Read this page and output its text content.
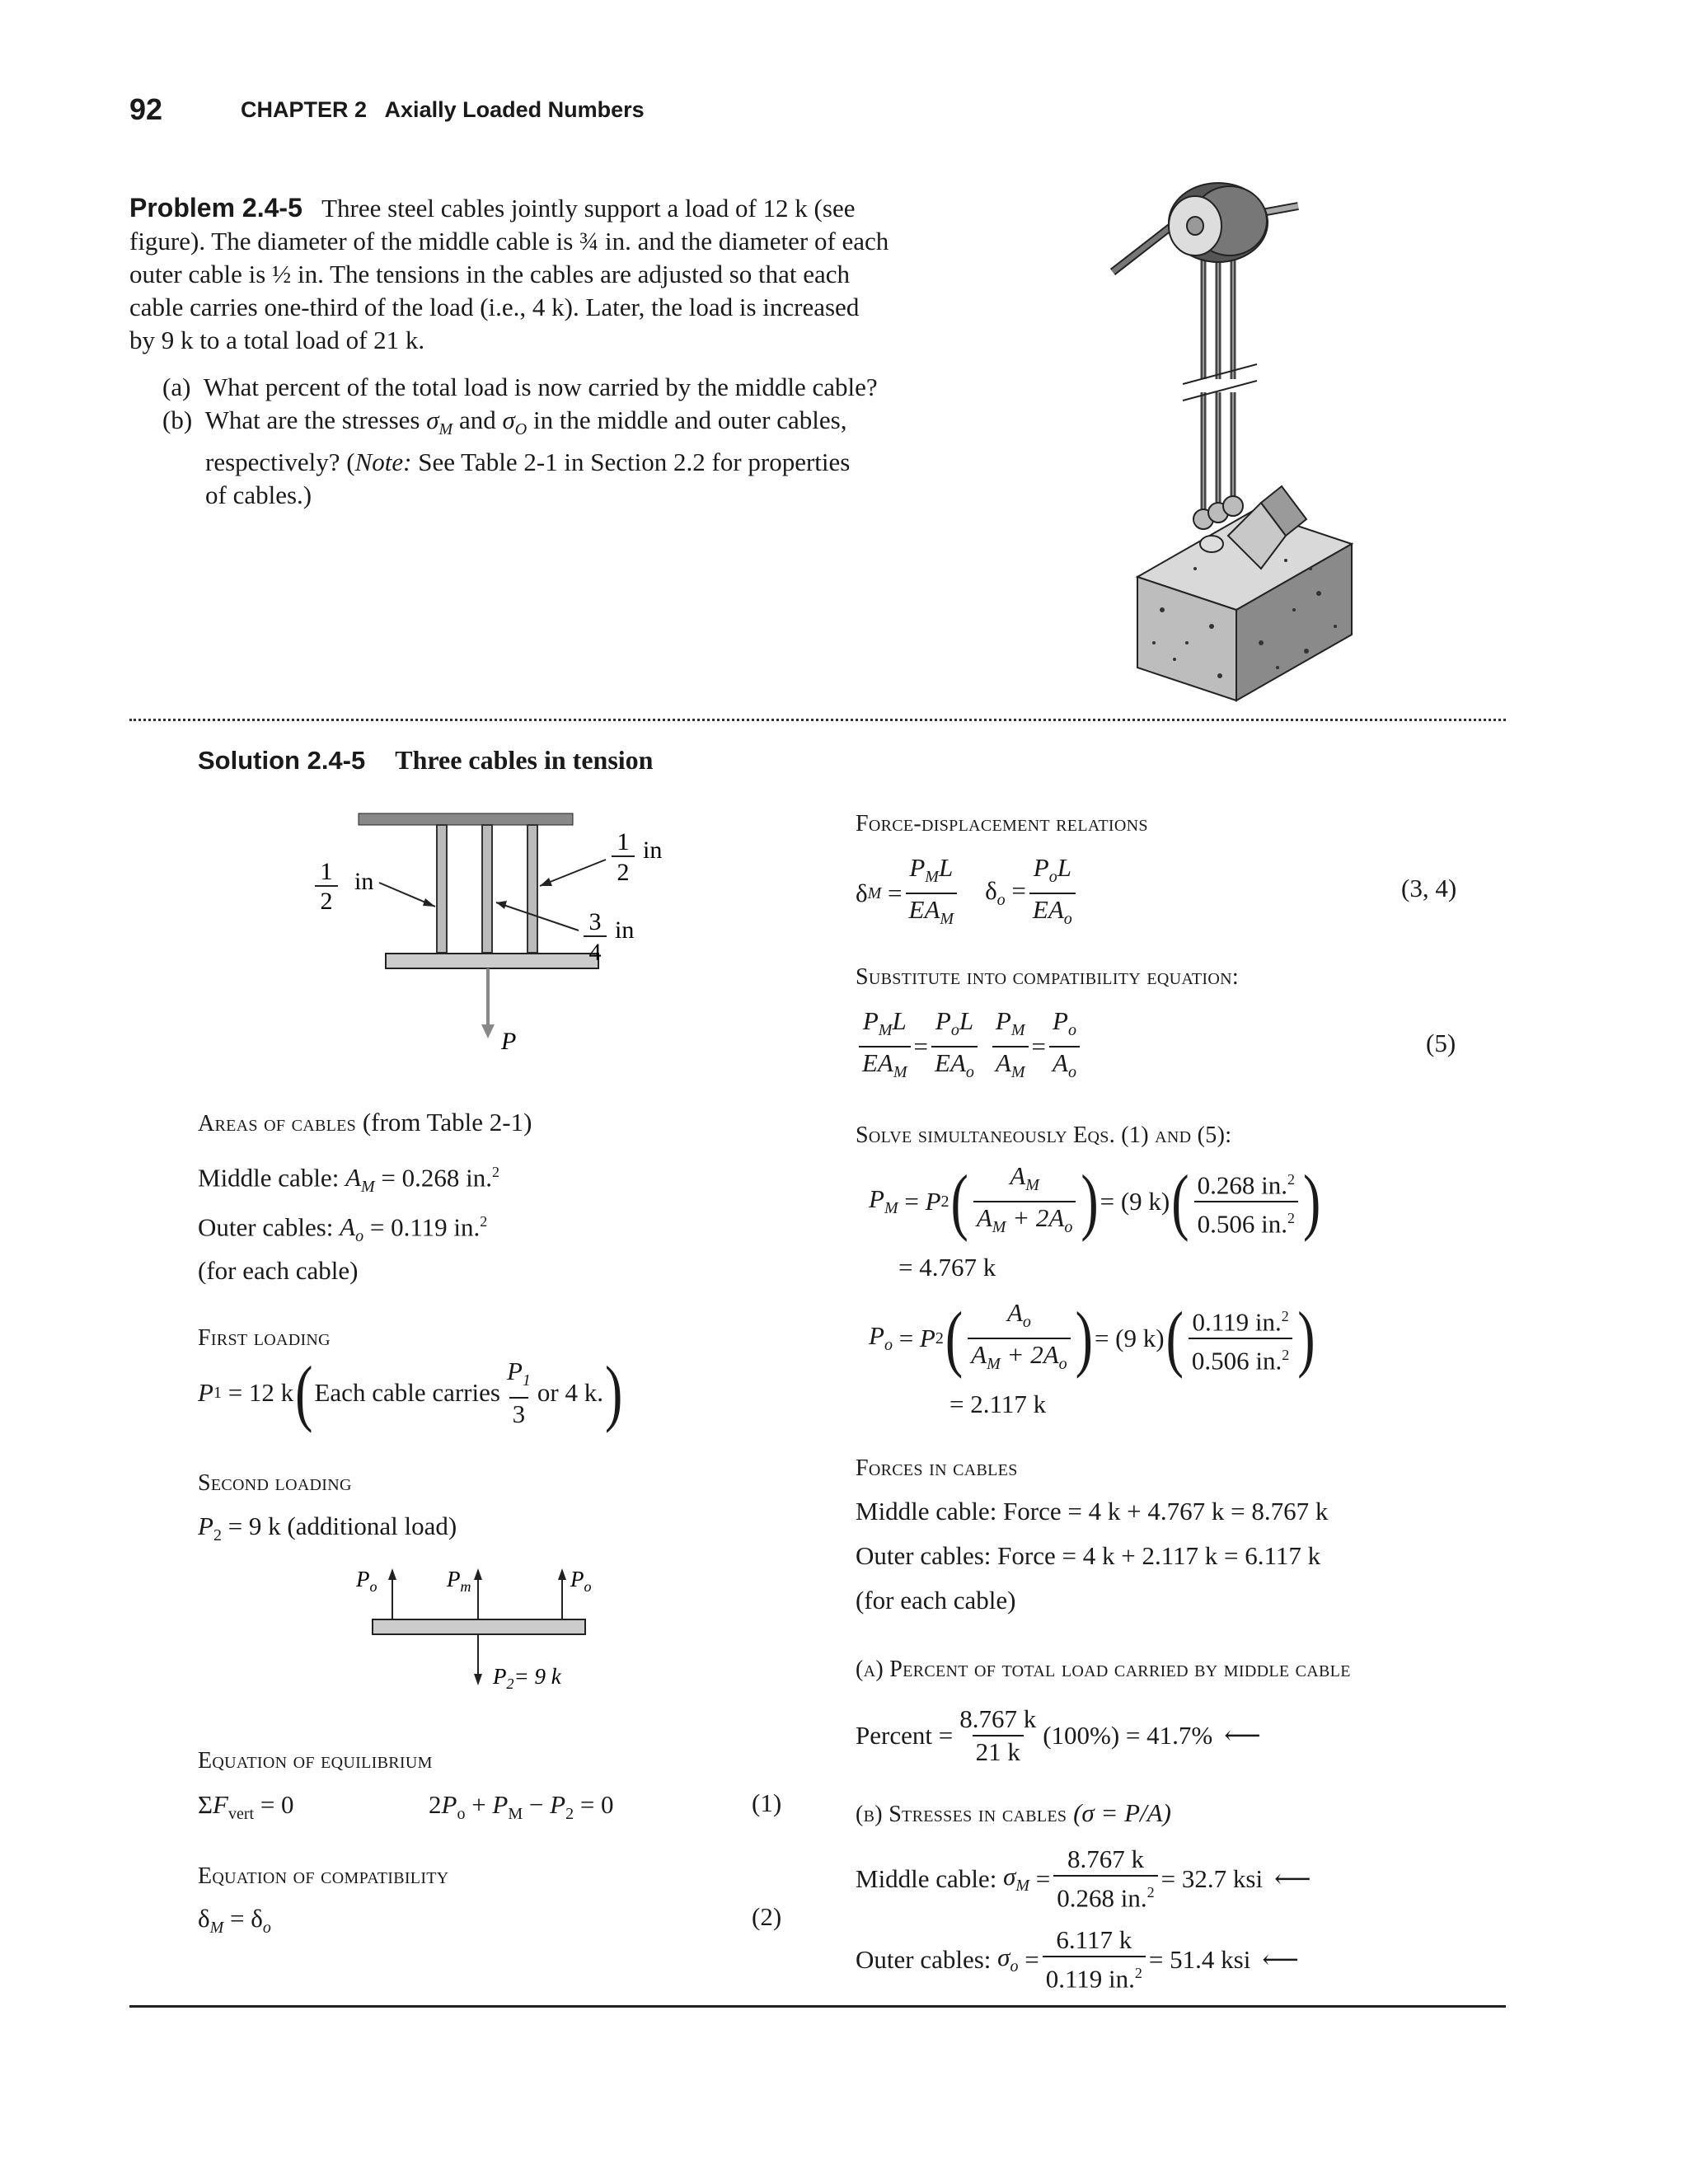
92	CHAPTER 2 Axially Loaded Numbers
Problem 2.4-5 Three steel cables jointly support a load of 12 k (see
figure). The diameter of the middle cable is ¾ in. and the diameter of each
outer cable is ½ in. The tensions in the cables are adjusted so that each
cable carries one-third of the load (i.e., 4 k). Later, the load is increased
by 9 k to a total load of 21 k.
(a) What percent of the total load is now carried by the middle cable?
(b) What are the stresses $\sigma_M$ and $\sigma_O$ in the middle and outer cables,
respectively? (Note: See Table 2-1 in Section 2.2 for properties
of cables.)
Solution 2.4-5 Three cables in tension
P
1
2
in
1
2
in
3
4
in
Areas of cables (from Table 2-1)
Middle cable: $A_M = 0.268$ in.$^2$
Outer cables: $A_o = 0.119$ in.$^2$
(for each cable)
First loading
P 1
= 12 k ( Each cable carries $\frac{P_1}{3}$ or 4 k. )
Second loading
$P_2 = 9$ k (additional load)
$P_o$	$P_m$	$P_o$
$P_2= 9$ k
Equation of equilibrium
$\Sigma F_{vert} = 0$	$2P_o + P_M - P_2 = 0$	(1)
Equation of compatibility
$\delta_M = \delta_o$	(2)
Force-displacement relations
δ $M = \frac{P_ML}{EA_M} \delta_o = \frac{P_oL}{EA_o}$	(3, 4)
Substitute into compatibility equation:
$\frac{P_ML}{EA_M} = \frac{P_oL}{EA_o} \frac{P_M}{A_M} = \frac{P_o}{A_o}$	(5)
Solve simultaneously Eqs. (1) and (5):
$P_M = P$ 2 ( $\frac{A_M}{A_M + 2A_o}$ ) = (9 k) ( $\frac{0.268 in.^2}{0.506 in.^2}$ )
= 4.767 k
$P_o = P$ 2 ( $\frac{A_o}{A_M + 2A_o}$ ) = (9 k) ( $\frac{0.119 in.^2}{0.506 in.^2}$ )
= 2.117 k
Forces in cables
Middle cable: Force = 4 k + 4.767 k = 8.767 k
Outer cables: Force = 4 k + 2.117 k = 6.117 k
(for each cable)
(a) Percent of total load carried by middle cable
Percent = $\frac{8.767 k}{21 k} (100\%) = 41.7\%$ ⟵
(b) Stresses in cables (σ = P/A)
Middle cable:
$\sigma_M = \frac{8.767 k}{0.268 in.^2} = 32.7$ ksi ⟵
Outer cables:
$\sigma_o = \frac{6.117 k}{0.119 in.^2} = 51.4$ ksi ⟵
